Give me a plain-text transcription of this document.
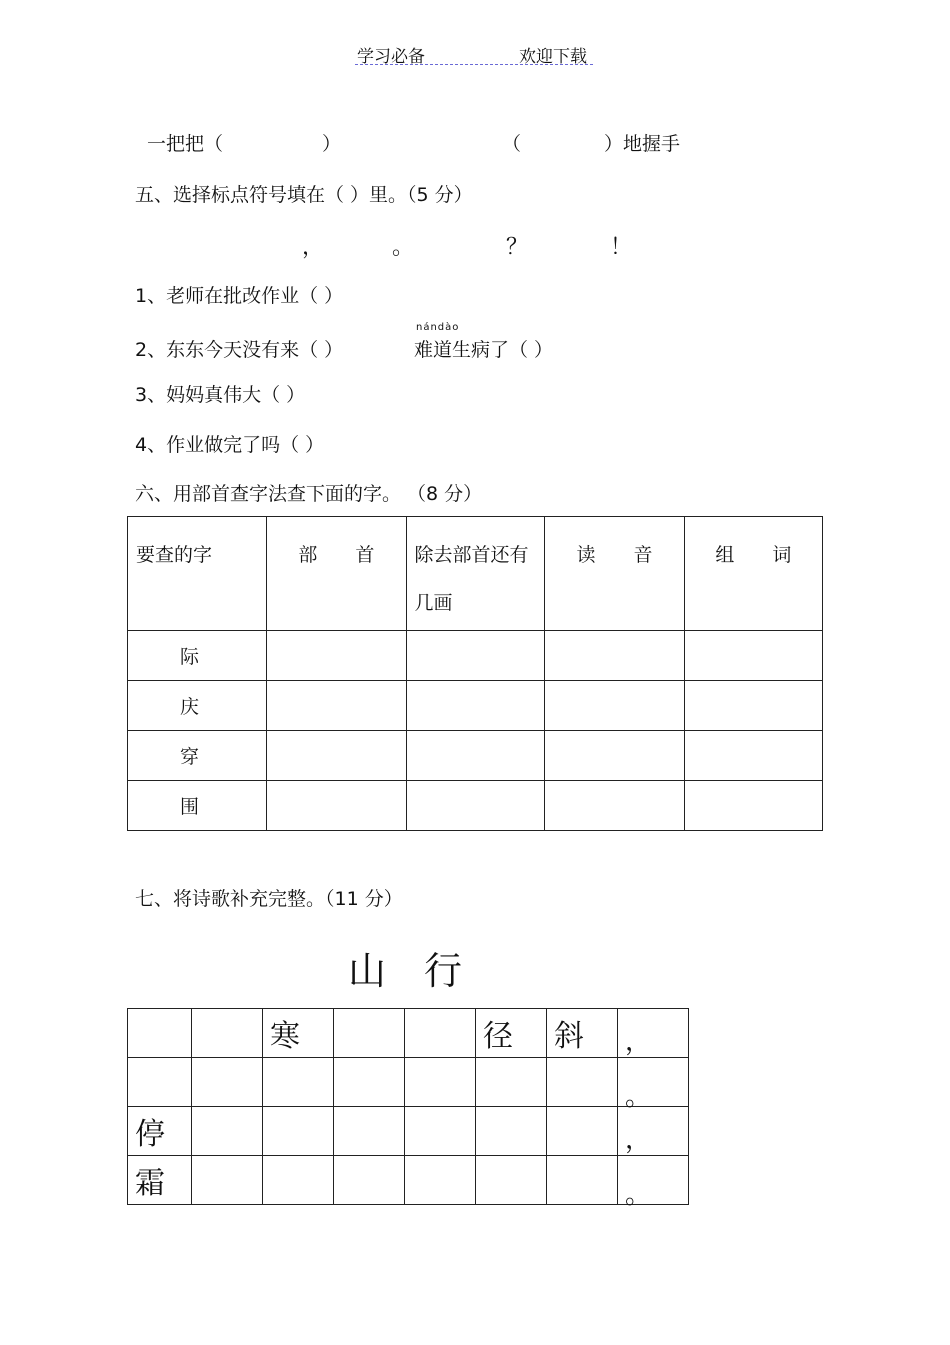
学习必备	欢迎下载
一把把（	）	（	）地握手
五、选择标点符号填在（ ）里。（5 分）
，	。	？	！
1、老师在批改作业（ ）
nándào
2、东东今天没有来（ ）	难道生病了（ ）
3、妈妈真伟大（ ）
4、作业做完了吗（ ）
六、用部首查字法查下面的字。 （8 分）
要查的字	部　　首	除去部首还有几画	读　　音	组　　词
际				
庆				
穿				
围				
七、将诗歌补充完整。（11 分）
山　行

		寒			径	斜	，

							。

停							，

霜							。
